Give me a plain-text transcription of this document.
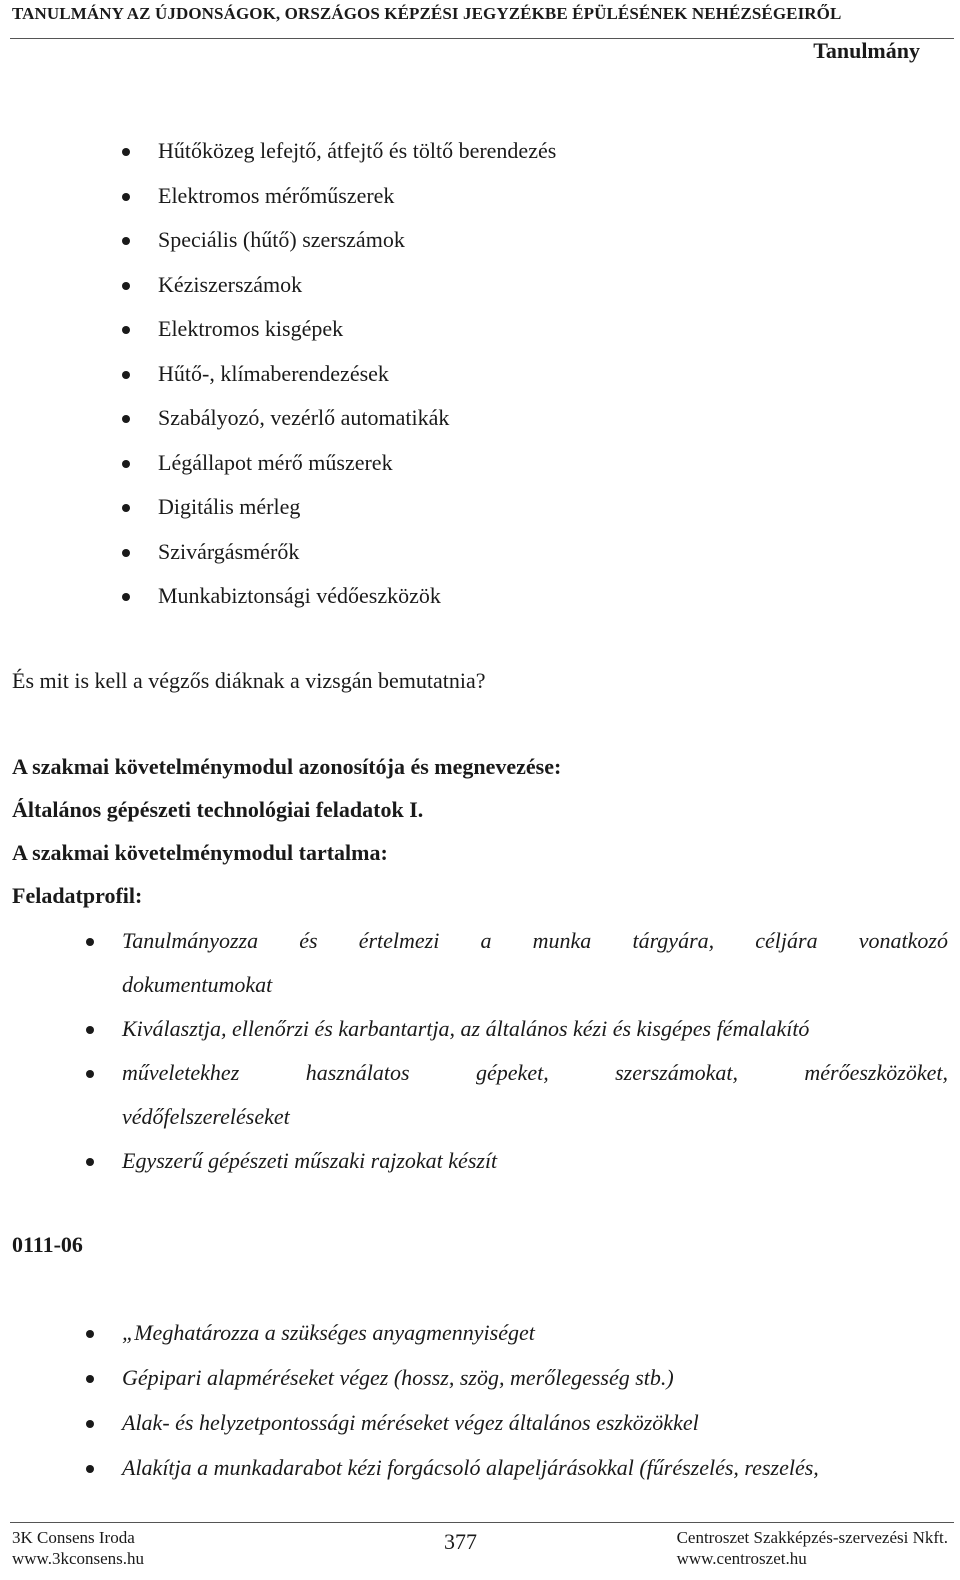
TANULMÁNY AZ ÚJDONSÁGOK, ORSZÁGOS KÉPZÉSI JEGYZÉKBE ÉPÜLÉSÉNEK NEHÉZSÉGEIRŐL
Tanulmány
Hűtőközeg lefejtő, átfejtő és töltő berendezés
Elektromos mérőműszerek
Speciális (hűtő) szerszámok
Kéziszerszámok
Elektromos kisgépek
Hűtő-, klímaberendezések
Szabályozó, vezérlő automatikák
Légállapot mérő műszerek
Digitális mérleg
Szivárgásmérők
Munkabiztonsági védőeszközök
És mit is kell a végzős diáknak a vizsgán bemutatnia?
A szakmai követelménymodul azonosítója és megnevezése:
Általános gépészeti technológiai feladatok I.
A szakmai követelménymodul tartalma:
Feladatprofil:
Tanulmányozza és értelmezi a munka tárgyára, céljára vonatkozó
dokumentumokat
Kiválasztja, ellenőrzi és karbantartja, az általános kézi és kisgépes fémalakító
műveletekhez	használatos	gépeket,	szerszámokat,	mérőeszközöket,
védőfelszereléseket
Egyszerű gépészeti műszaki rajzokat készít
0111-06
„Meghatározza a szükséges anyagmennyiséget
Gépipari alapméréseket végez (hossz, szög, merőlegesség stb.)
Alak- és helyzetpontossági méréseket végez általános eszközökkel
Alakítja a munkadarabot kézi forgácsoló alapeljárásokkal (fűrészelés, reszelés,
3K Consens Iroda
www.3kconsens.hu
377	Centroszet Szakképzés-szervezési Nkft.
www.centroszet.hu
